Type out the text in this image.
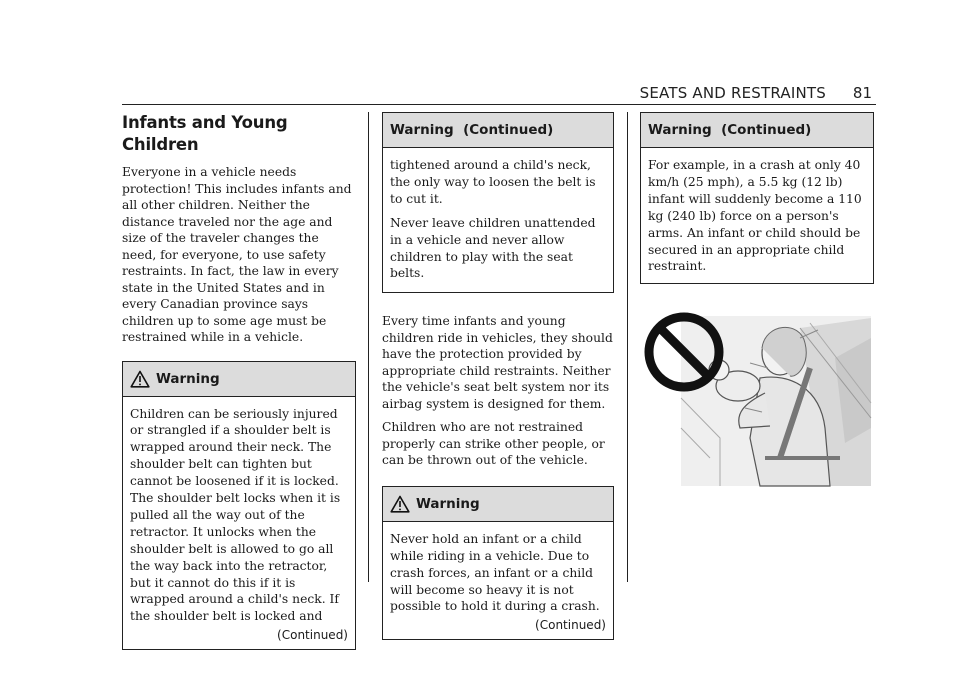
SEATS AND RESTRAINTS 81
Infants and Young Children

Everyone in a vehicle needs protection! This includes infants and all other children. Neither the distance traveled nor the age and size of the traveler changes the need, for everyone, to use safety restraints. In fact, the law in every state in the United States and in every Canadian province says children up to some age must be restrained while in a vehicle.

Warning

Children can be seriously injured or strangled if a shoulder belt is wrapped around their neck. The shoulder belt can tighten but cannot be loosened if it is locked. The shoulder belt locks when it is pulled all the way out of the retractor. It unlocks when the shoulder belt is allowed to go all the way back into the retractor, but it cannot do this if it is wrapped around a child's neck. If the shoulder belt is locked and

(Continued)
Warning  (Continued)

tightened around a child's neck, the only way to loosen the belt is to cut it.

Never leave children unattended in a vehicle and never allow children to play with the seat belts.

Every time infants and young children ride in vehicles, they should have the protection provided by appropriate child restraints. Neither the vehicle's seat belt system nor its airbag system is designed for them.

Children who are not restrained properly can strike other people, or can be thrown out of the vehicle.

Warning

Never hold an infant or a child while riding in a vehicle. Due to crash forces, an infant or a child will become so heavy it is not possible to hold it during a crash.

(Continued)
Warning  (Continued)

For example, in a crash at only 40 km/h (25 mph), a 5.5 kg (12 lb) infant will suddenly become a 110 kg (240 lb) force on a person's arms. An infant or child should be secured in an appropriate child restraint.
